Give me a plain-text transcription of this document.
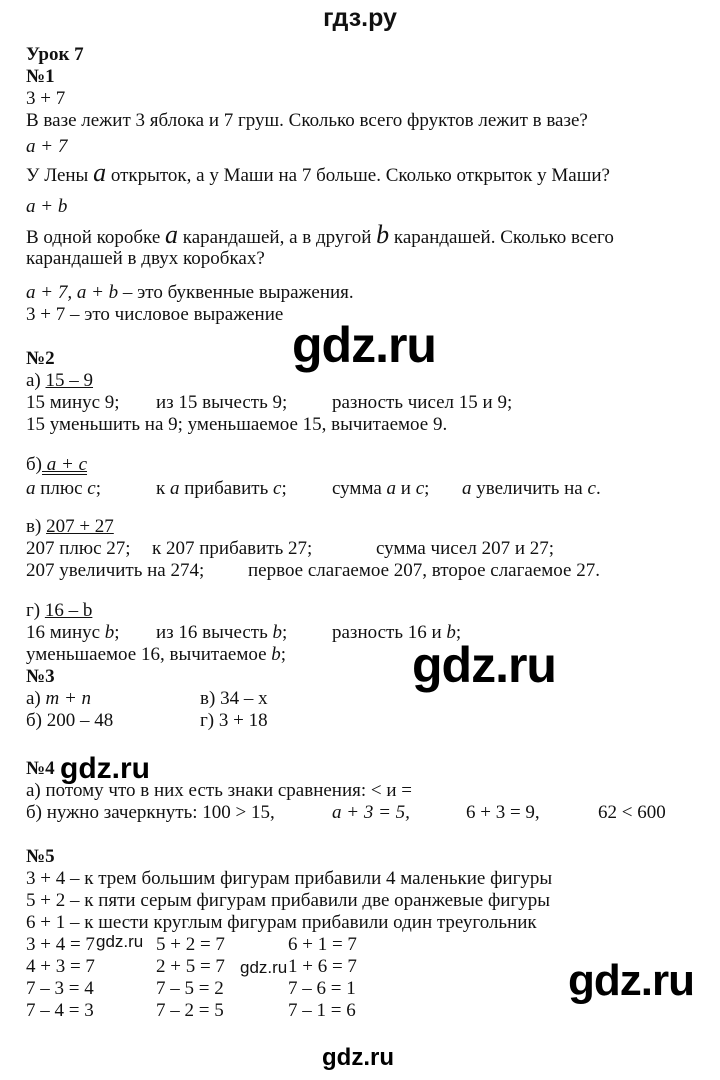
гдз.ру
Урок 7
№1
3 + 7
В вазе лежит 3 яблока и 7 груш. Сколько всего фруктов лежит в вазе?
a + 7
У Лены a открыток, а у Маши на 7 больше. Сколько открыток у Маши?
a + b
В одной коробке a карандашей, а в другой b карандашей. Сколько всего
карандашей в двух коробках?
a + 7, a + b – это буквенные выражения.
3 + 7 – это числовое выражение
№2
а) 15 – 9
15 минус 9; из 15 вычесть 9; разность чисел 15 и 9;
15 уменьшить на 9; уменьшаемое 15, вычитаемое 9.
б) a + c
a плюс c;	к a прибавить c; сумма a и c; a увеличить на c.
в) 207 + 27
207 плюс 27; к 207 прибавить 27;	сумма чисел 207 и 27;
207 увеличить на 274; первое слагаемое 207, второе слагаемое 27.
г) 16 – b
16 минус b; из 16 вычесть b; разность 16 и b;
уменьшаемое 16, вычитаемое b;
№3
а) m + n	в) 34 – x
б) 200 – 48	г) 3 + 18
№4
а) потому что в них есть знаки сравнения: < и =
б) нужно зачеркнуть: 100 > 15,	a + 3 = 5,	6 + 3 = 9,	62 < 600
№5
3 + 4 – к трем большим фигурам прибавили 4 маленькие фигуры
5 + 2 – к пяти серым фигурам прибавили две оранжевые фигуры
6 + 1 – к шести круглым фигурам прибавили один треугольник
3 + 4 = 7	5 + 2 = 7	6 + 1 = 7
4 + 3 = 7	2 + 5 = 7	1 + 6 = 7
7 – 3 = 4	7 – 5 = 2	7 – 6 = 1
7 – 4 = 3	7 – 2 = 5	7 – 1 = 6
gdz.ru
gdz.ru
gdz.ru
gdz.ru
gdz.ru	gdz.ru
gdz.ru
